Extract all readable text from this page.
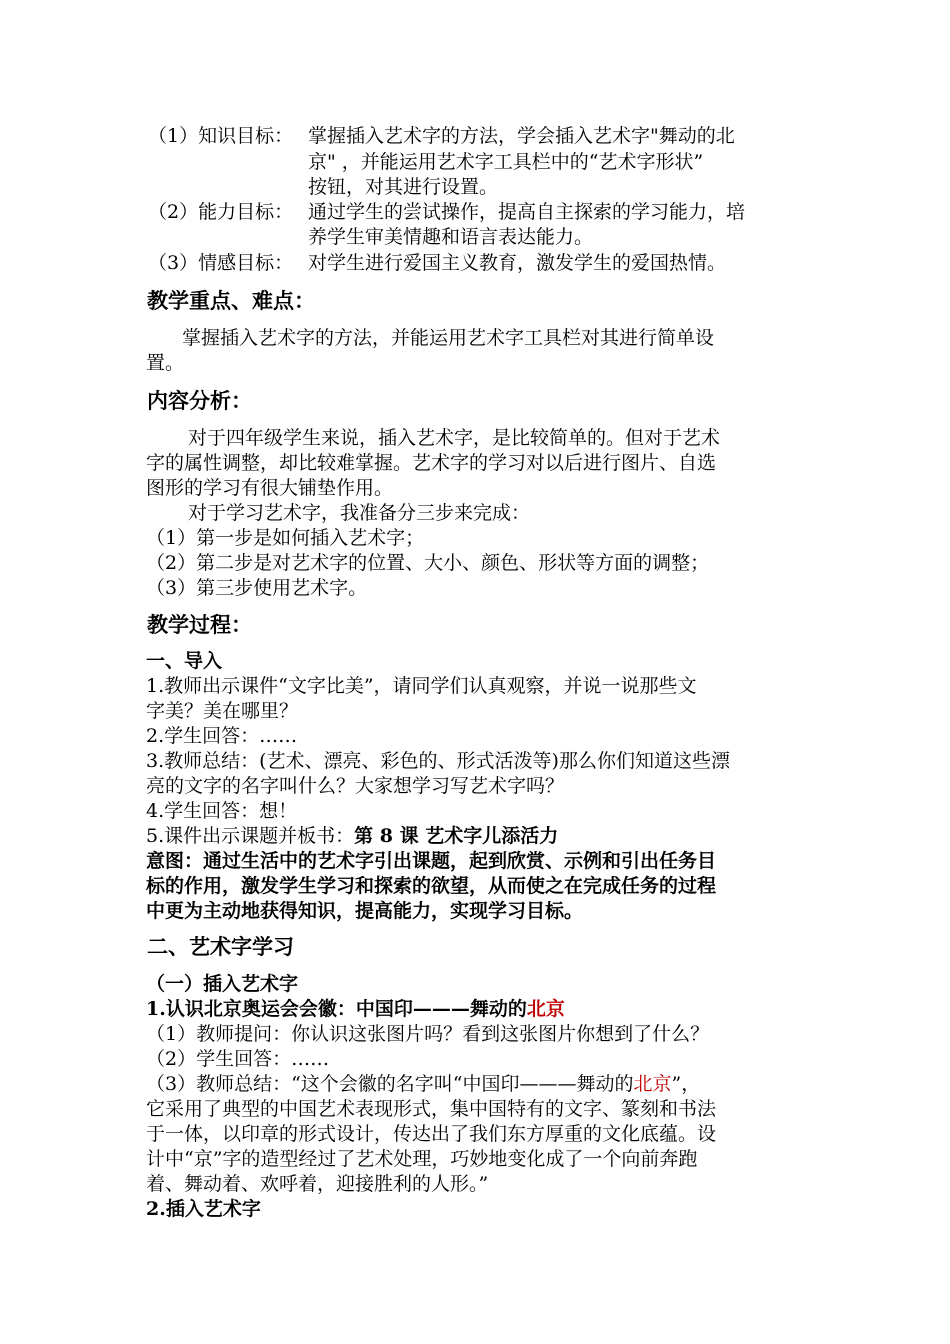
（1）知识目标： 掌握插入艺术字的方法，学会插入艺术字"舞动的北
京" ，并能运用艺术字工具栏中的“艺术字形状”
按钮，对其进行设置。
（2）能力目标： 通过学生的尝试操作，提高自主探索的学习能力，培
养学生审美情趣和语言表达能力。
（3）情感目标： 对学生进行爱国主义教育，激发学生的爱国热情。
教学重点、难点：
掌握插入艺术字的方法，并能运用艺术字工具栏对其进行简单设
置。
内容分析：
对于四年级学生来说，插入艺术字，是比较简单的。但对于艺术
字的属性调整，却比较难掌握。艺术字的学习对以后进行图片、自选
图形的学习有很大铺垫作用。
对于学习艺术字，我准备分三步来完成：
（1）第一步是如何插入艺术字；
（2）第二步是对艺术字的位置、大小、颜色、形状等方面的调整；
（3）第三步使用艺术字。
教学过程：
一、导入
1.教师出示课件“文字比美”，请同学们认真观察，并说一说那些文
字美？美在哪里？
2.学生回答：……
3.教师总结：(艺术、漂亮、彩色的、形式活泼等)那么你们知道这些漂
亮的文字的名字叫什么？大家想学习写艺术字吗？
4.学生回答：想！
5.课件出示课题并板书：第 8 课 艺术字儿添活力
意图：通过生活中的艺术字引出课题，起到欣赏、示例和引出任务目
标的作用，激发学生学习和探索的欲望，从而使之在完成任务的过程
中更为主动地获得知识，提高能力，实现学习目标。
二、艺术字学习
（一）插入艺术字
1.认识北京奥运会会徽：中国印———舞动的北京
（1）教师提问：你认识这张图片吗？看到这张图片你想到了什么？
（2）学生回答：……
（3）教师总结：“这个会徽的名字叫“中国印———舞动的北京”，
它采用了典型的中国艺术表现形式，集中国特有的文字、篆刻和书法
于一体，以印章的形式设计，传达出了我们东方厚重的文化底蕴。设
计中“京”字的造型经过了艺术处理，巧妙地变化成了一个向前奔跑
着、舞动着、欢呼着，迎接胜利的人形。”
2.插入艺术字
